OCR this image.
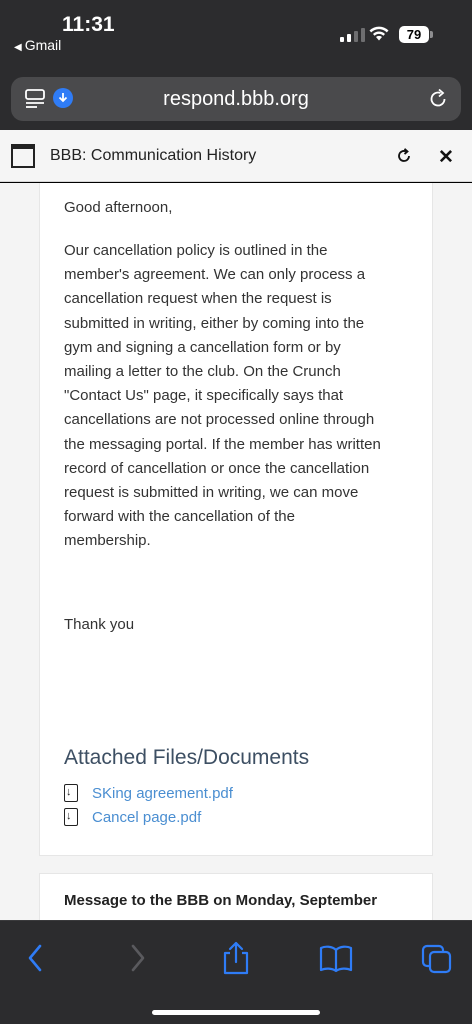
11:31
◀ Gmail
79
respond.bbb.org
BBB: Communication History	✕
Good afternoon,
Our cancellation policy is outlined in the
member's agreement. We can only process a
cancellation request when the request is
submitted in writing, either by coming into the
gym and signing a cancellation form or by
mailing a letter to the club. On the Crunch
"Contact Us" page, it specifically says that
cancellations are not processed online through
the messaging portal. If the member has written
record of cancellation or once the cancellation
request is submitted in writing, we can move
forward with the cancellation of the
membership.
Thank you
Attached Files/Documents
↓ SKing agreement.pdf
↓ Cancel page.pdf
Message to the BBB on Monday, September
